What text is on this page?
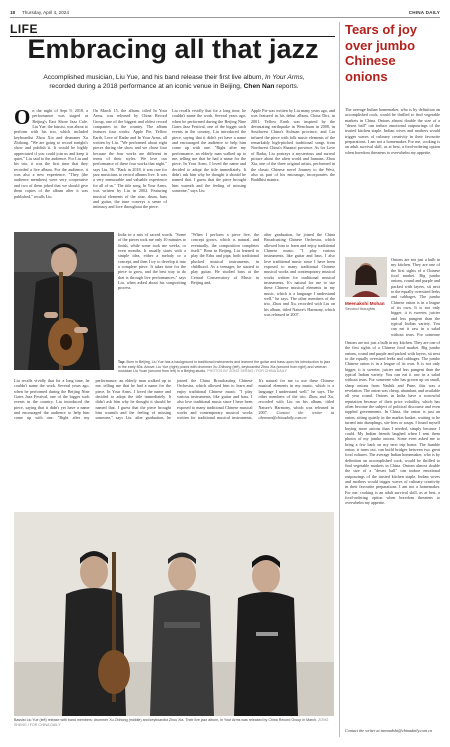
18 Thursday, April 4, 2024	CHINA DAILY
LIFE
Embracing all that jazz
Accomplished musician, Liu Yue, and his band release their first live album, In Your Arms, recorded during a 2018 performance at an iconic venue in Beijing, Chen Nan reports.
On the night of Sept 9, 2018, a performance was staged at Beijing's East Shore Jazz Cafe. Liu Yue, the bassist, was about to perform with his trio, which included keyboardist Zhou Xia and drummer Xu Zhihong. "We are going to record tonight's show and publish it. It would be highly appreciated if you could join us and keep it quiet," Liu said to the audience. For Liu and his trio, it was the first time that they recorded a live album. For the audience, it was also a new experience. "They (the audience members) were very cooperative and two of them joked that we should give them copies of the album after it was published," recalls Liu.
On March 15, the album, titled In Your Arms, was released by China Record Group, one of the biggest and oldest record companies in the country. The album features four works: Apple Pie, Yellow Earth, Love of Radar and In Your Arms, all written by Liu. "We performed about eight pieces during the show and we chose four because the four works are different in terms of their styles. We love our performance of these four works that night," says Liu, 56. "Back in 2018, it was rare for jazz musicians to record albums live. It was a very memorable and valuable experience for all of us." The title song, In Your Arms, was written by Liu in 2002. Featuring musical elements of the sitar, drum, bass and guitar, the tune conveys a sense of intimacy and love throughout the piece.
Liu recalls vividly that for a long time, he couldn't name the work. Several years ago, when he performed during the Beijing Nine Gates Jazz Festival, one of the bigger such events in the country, Liu introduced the piece, saying that it didn't yet have a name and encouraged the audience to help him come up with one. "Right after my performance, an elderly man walked up to me, telling me that he had a name for the piece, In Your Arms. I loved the name and decided to adopt the title immediately. It didn't ask him why he thought it should be named that. I guess that the piece brought him warmth and the feeling of missing someone," says Liu.
Apple Pie was written by Liu many years ago, and was featured in his debut album, China Dirt, in 2001. Yellow Earth was inspired by the devastating earthquake in Wenchuan in 2008, in Southwest China's Sichuan province, and Liu infused the piece with folk music elements of the remarkably high-pitched traditional songs from Northwest China's Shaanxi province. As for Love of Radar, Liu portrays a mysterious and surreal picture about the alien world and humans. Zhou Xia, one of the three original artists, performed in the classic Chinese novel Journey to the West, also as part of his entourage, incorporates the Buddhist mantra.
India in a mix of sacred words. "Some of the pieces took me only 10 minutes to finish, while some took me weeks, or even months. It usually starts with a simple idea, either a melody or a concept, and then I try to develop it into a complete piece. It takes time for the piece to grow, and the best way to do that is through live performances," says Liu, when asked about his songwriting process.
"When I perform a piece live, the concept grows, which is natural, and eventually, the composition completes itself." Born in Beijing, Liu learned to play the Erhu and pipa, both traditional plucked musical instruments, in childhood. As a teenager, he started to play guitar. He studied bass at the Central Conservatory of Music in Beijing and,
after graduation, he joined the China Broadcasting Chinese Orchestra, which allowed him to learn and enjoy traditional Chinese music. "I play various instruments, like guitar and bass. I also love traditional music since I have been exposed to many traditional Chinese musical works and contemporary musical works written for traditional musical instruments. It's natural for me to use these Chinese musical elements in my music, which is a language I understand well," he says. The other members of the trio, Zhou and Xu, recorded with Liu on his album, titled Nature's Harmony, which was released in 2007.
Top: Born in Beijing, Liu Yue has a background in traditional instruments and learned the guitar and bass upon his introduction to jazz in the early 80s. Above: Liu Yue (right) poses with drummer Xu Zhihong (left), keyboardist Zhou Xia (second from right) and veteran musician Liu Yuan (second from left) in a Beijing studio. PHOTOS BY ZONG SHENG / FOR CHINA DAILY
Liu recalls vividly that for a long time, he couldn't name the work. Several years ago, when he performed during the Beijing Nine Gates Jazz Festival, one of the bigger such events in the country, Liu introduced the piece, saying that it didn't yet have a name and encouraged the audience to help him come up with one. "Right after my performance, an elderly man walked up to me, telling me that he had a name for the piece, In Your Arms. I loved the name and decided to adopt the title immediately. It didn't ask him why he thought it should be named that. I guess that the piece brought him warmth and the feeling of missing someone," says Liu. after graduation, he joined the China Broadcasting Chinese Orchestra, which allowed him to learn and enjoy traditional Chinese music. "I play various instruments, like guitar and bass. I also love traditional music since I have been exposed to many traditional Chinese musical works and contemporary musical works written for traditional musical instruments. It's natural for me to use these Chinese musical elements in my music, which is a language I understand well," he says. The other members of the trio, Zhou and Xu, recorded with Liu on his album, titled Nature's Harmony, which was released in 2007. Contact the writer at chennan@chinadaily.com.cn
Bassist Liu Yue (left) release with band members: drummer Xu Zhihong (middle) and keyboardist Zhou Xia. Their live jazz album, In Your Arms was released by China Record Group in March. ZONG SHENG / FOR CHINA DAILY
Tears of joy over jumbo Chinese onions
The average Indian homemaker, who is by definition an accomplished cook, would be thrilled to find vegetable markets in China. Onions almost double the size of a "desert ball" can induce emotional outpourings of the trusted kitchen staple. Indian wives and mothers would trigger waves of culinary creativity in their favourite preparations. I am not a homemaker. For me, cooking is an adult survival skill, as at best, a food-ordering option when boredom threatens to overwhelm my appetite.
Meenakshi Mohan
Second thoughts
Onions are not just a bulb in my kitchen. They are one of the first sights of a Chinese food market. Big jumbo onions, round and purple and packed with layers, sit next to the equally oversized leeks and cabbages. The jumbo Chinese onion is in a league of its own. It is not only bigger, it is sweeter, juicier and less pungent than the typical Indian variety. You can eat it raw in a salad without tears. For someone
Onions are not just a bulb in my kitchen. They are one of the first sights of a Chinese food market. Big jumbo onions, round and purple and packed with layers, sit next to the equally oversized leeks and cabbages. The jumbo Chinese onion is in a league of its own. It is not only bigger, it is sweeter, juicier and less pungent than the typical Indian variety. You can eat it raw in a salad without tears. For someone who has grown up on small, sharp onions from Nashik and Pune, this was a revelation. The onion was cheap, abundant, and available all year round. Onions in India have a sorrowful reputation because of their price volatility, which has often become the subject of political discourse and even toppled governments. In China, the onion is just an onion, sitting quietly in the market basket, waiting to be turned into dumplings, stir-fries or soups. I found myself buying more onions than I needed, simply because I could. My Indian friends laughed when I sent them photos of my jumbo onions. Some even asked me to bring a few back on my next trip home. The humble onion, it turns out, can build bridges between two great food cultures. The average Indian homemaker, who is by definition an accomplished cook, would be thrilled to find vegetable markets in China. Onions almost double the size of a "desert ball" can induce emotional outpourings of the trusted kitchen staple. Indian wives and mothers would trigger waves of culinary creativity in their favourite preparations. I am not a homemaker. For me, cooking is an adult survival skill, as at best, a food-ordering option when boredom threatens to overwhelm my appetite.
Contact the writer at meenakshi@chinadaily.com.cn
